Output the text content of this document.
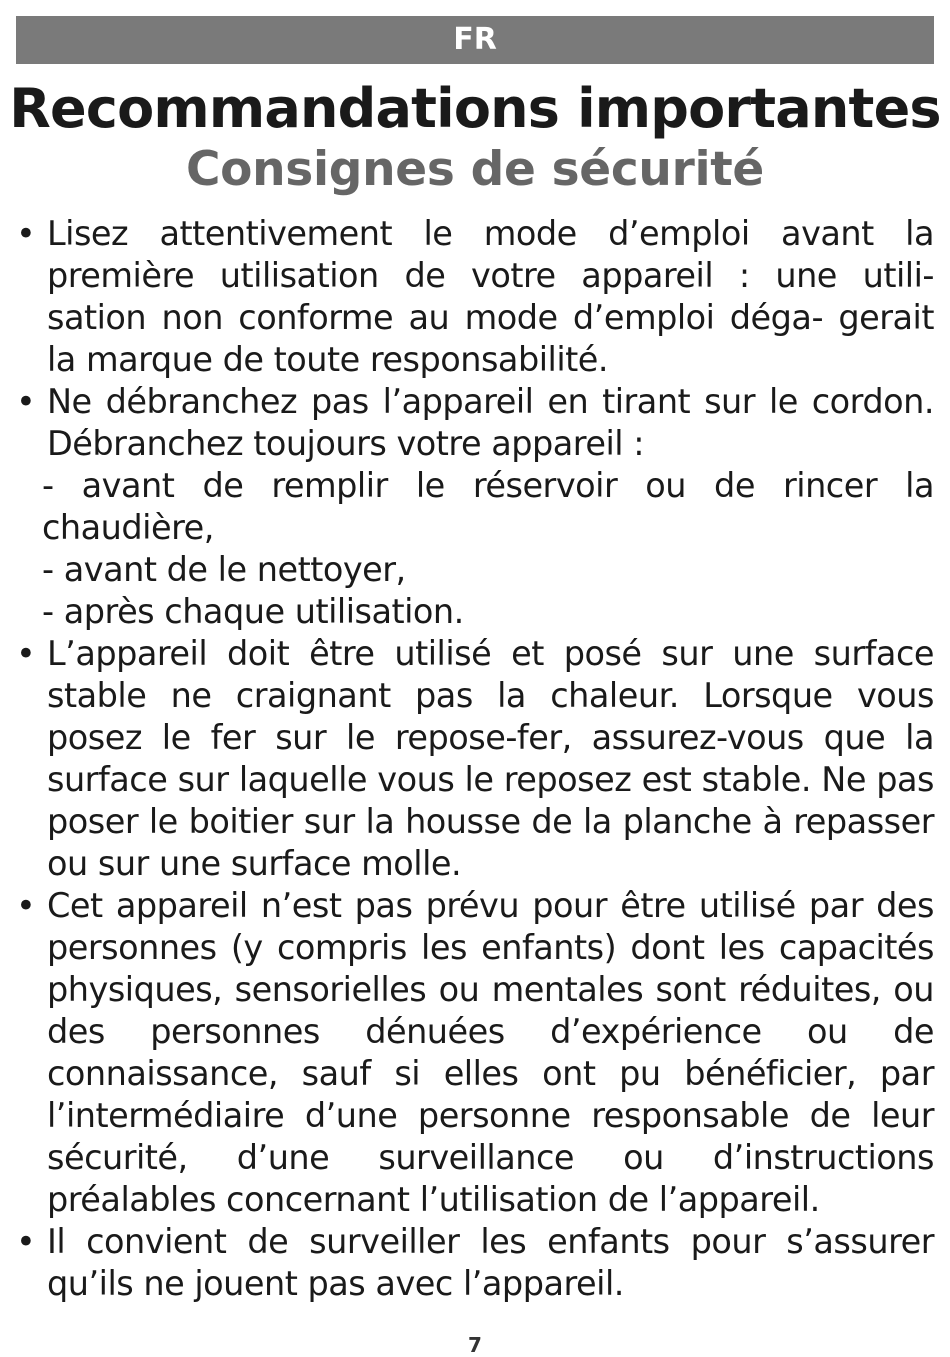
FR
Recommandations importantes
Consignes de sécurité
• Lisez attentivement le mode d’emploi avant la première utilisation de votre appareil : une utili- sation non conforme au mode d’emploi déga- gerait la marque de toute responsabilité.

• Ne débranchez pas l’appareil en tirant sur le cordon. Débranchez toujours votre appareil :

- avant de remplir le réservoir ou de rincer la chaudière,

- avant de le nettoyer,

- après chaque utilisation.

• L’appareil doit être utilisé et posé sur une surface stable ne craignant pas la chaleur. Lorsque vous posez le fer sur le repose-fer, assurez-vous que la surface sur laquelle vous le reposez est stable. Ne pas poser le boitier sur la housse de la planche à repasser ou sur une surface molle.

• Cet appareil n’est pas prévu pour être utilisé par des personnes (y compris les enfants) dont les capacités physiques, sensorielles ou mentales sont réduites, ou des personnes dénuées d’expérience ou de connaissance, sauf si elles ont pu bénéficier, par l’intermédiaire d’une personne responsable de leur sécurité, d’une surveillance ou d’instructions préalables concernant l’utilisation de l’appareil.

• Il convient de surveiller les enfants pour s’assurer qu’ils ne jouent pas avec l’appareil.

7
